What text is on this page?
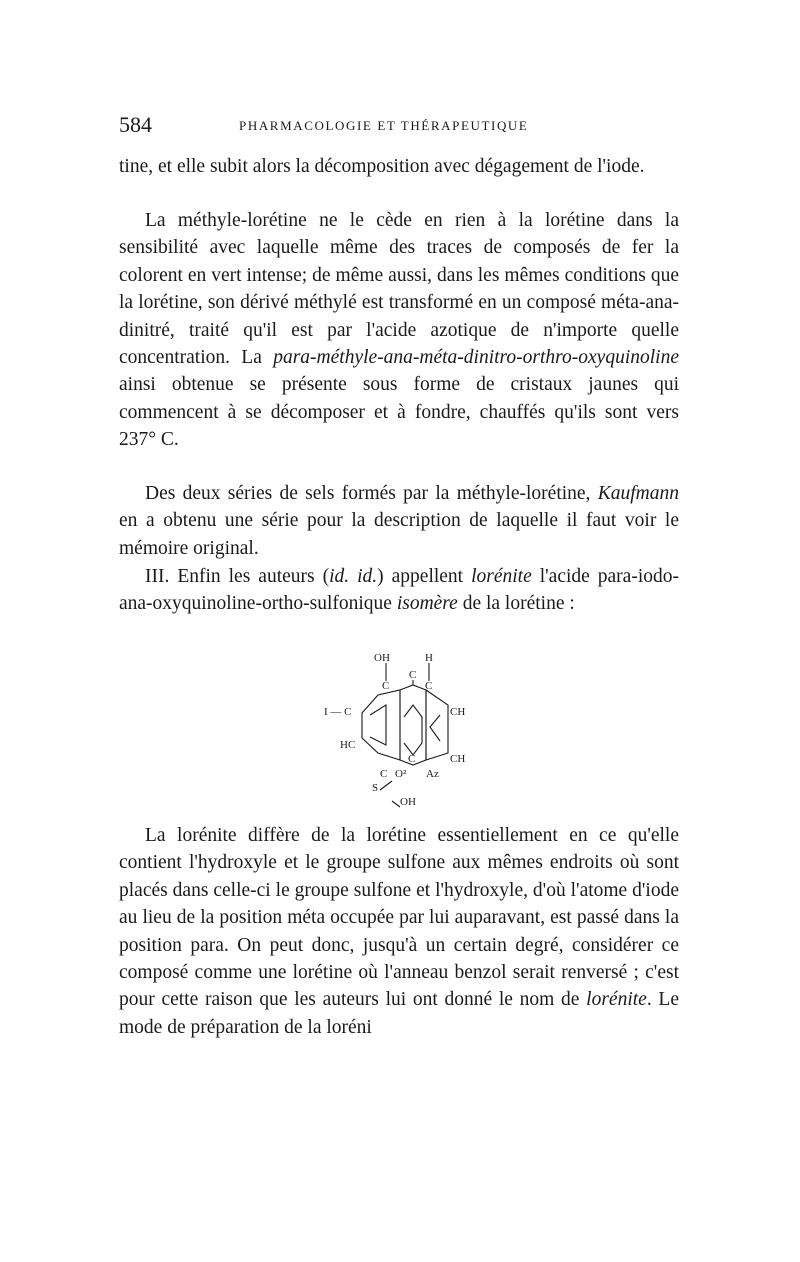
584	PHARMACOLOGIE ET THÉRAPEUTIQUE

tine, et elle subit alors la décomposition avec dégagement de l'iode.

La méthyle-lorétine ne le cède en rien à la lorétine dans la sensibilité avec laquelle même des traces de composés de fer la colorent en vert intense; de même aussi, dans les mêmes conditions que la lorétine, son dérivé méthylé est transformé en un composé méta-ana-dinitré, traité qu'il est par l'acide azotique de n'importe quelle concentration. La para-méthyle-ana-méta-dinitro-orthro-oxyquinoline ainsi obtenue se présente sous forme de cristaux jaunes qui commencent à se décomposer et à fondre, chauffés qu'ils sont vers 237° C.

Des deux séries de sels formés par la méthyle-lorétine, Kaufmann en a obtenu une série pour la description de laquelle il faut voir le mémoire original.

III. Enfin les auteurs (id. id.) appellent lorénite l'acide para-iodo-ana-oxyquinoline-ortho-sulfonique isomère de la lorétine :

OH	H
C	C
C
I — C	CH
HC
C	CH
C O² Az
S
OH

La lorénite diffère de la lorétine essentiellement en ce qu'elle contient l'hydroxyle et le groupe sulfone aux mêmes endroits où sont placés dans celle-ci le groupe sulfone et l'hydroxyle, d'où l'atome d'iode au lieu de la position méta occupée par lui auparavant, est passé dans la position para. On peut donc, jusqu'à un certain degré, considérer ce composé comme une lorétine où l'anneau benzol serait renversé ; c'est pour cette raison que les auteurs lui ont donné le nom de lorénite. Le mode de préparation de la loréni
